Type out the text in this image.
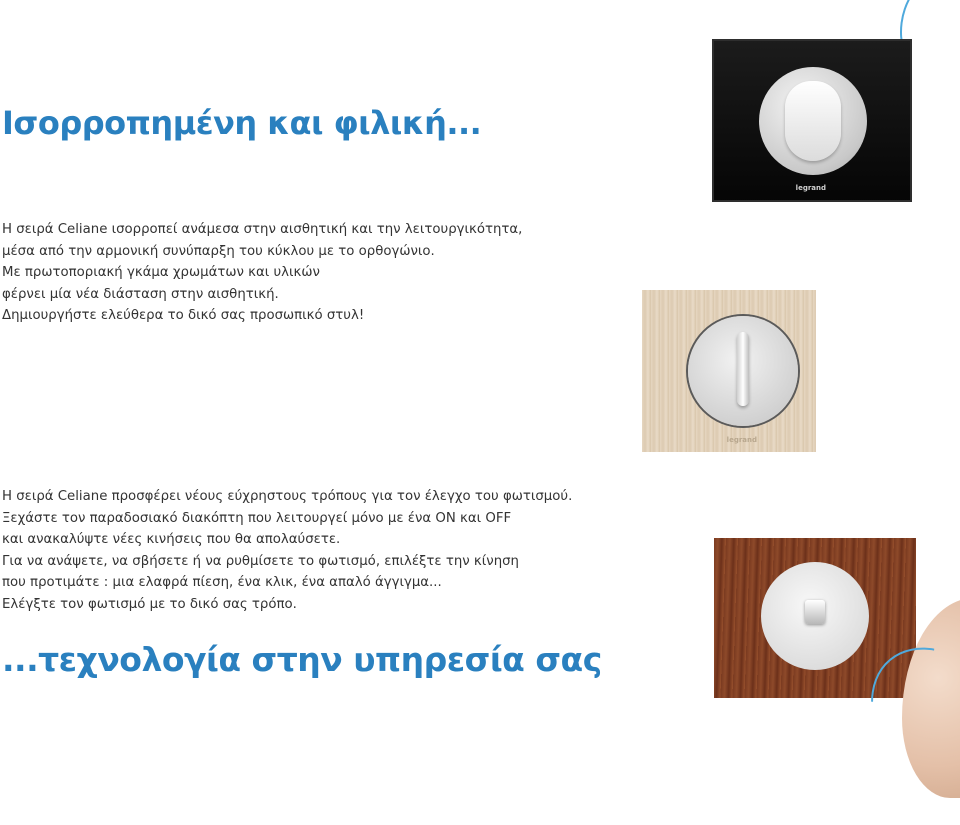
Ισορροπημένη και φιλική...
Η σειρά Celiane ισορροπεί ανάμεσα στην αισθητική και την λειτουργικότητα,
μέσα από την αρμονική συνύπαρξη του κύκλου με το ορθογώνιο.
Με πρωτοποριακή γκάμα χρωμάτων και υλικών
φέρνει μία νέα διάσταση στην αισθητική.
Δημιουργήστε ελεύθερα το δικό σας προσωπικό στυλ!
Η σειρά Celiane προσφέρει νέους εύχρηστους τρόπους για τον έλεγχο του φωτισμού.
Ξεχάστε τον παραδοσιακό διακόπτη που λειτουργεί μόνο με ένα ON και OFF
και ανακαλύψτε νέες κινήσεις που θα απολαύσετε.
Για να ανάψετε, να σβήσετε ή να ρυθμίσετε το φωτισμό, επιλέξτε την κίνηση
που προτιμάτε : μια ελαφρά πίεση, ένα κλικ, ένα απαλό άγγιγμα...
Ελέγξτε τον φωτισμό με το δικό σας τρόπο.
...τεχνολογία στην υπηρεσία σας
legrand
legrand
